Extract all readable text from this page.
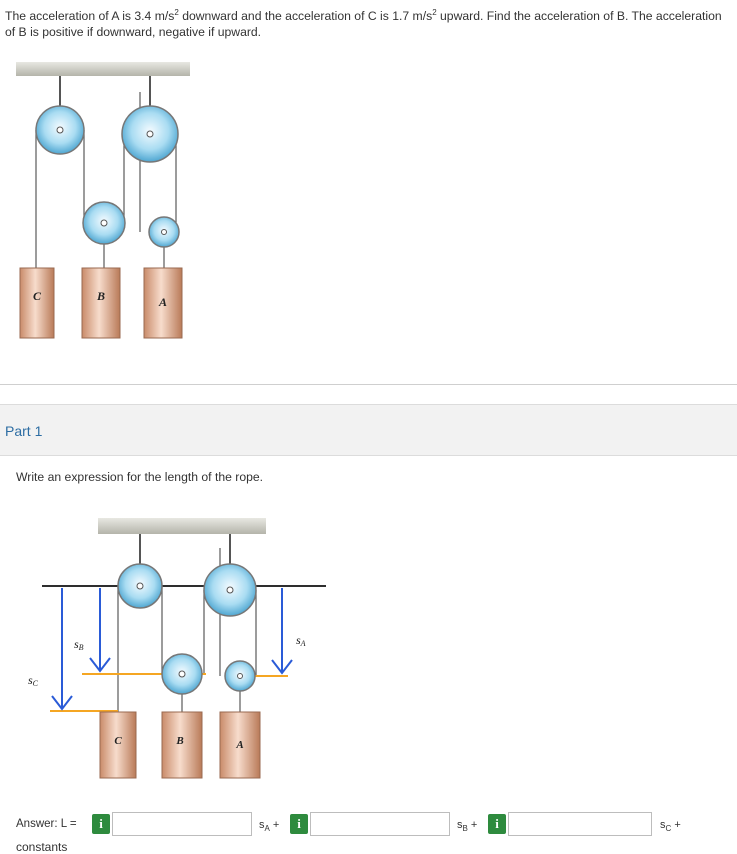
The acceleration of A is 3.4 $m/s^2$ downward and the acceleration of C is 1.7 $m/s^2$ upward. Find the acceleration of B. The acceleration of B is positive if downward, negative if upward.
C	B	A
Part 1
Write an expression for the length of the rope.
C	B	A
sC
sB
sA
Answer: L =	i	$s_A$ +	i	$s_B$ +	i	$s_C$ +
constants
